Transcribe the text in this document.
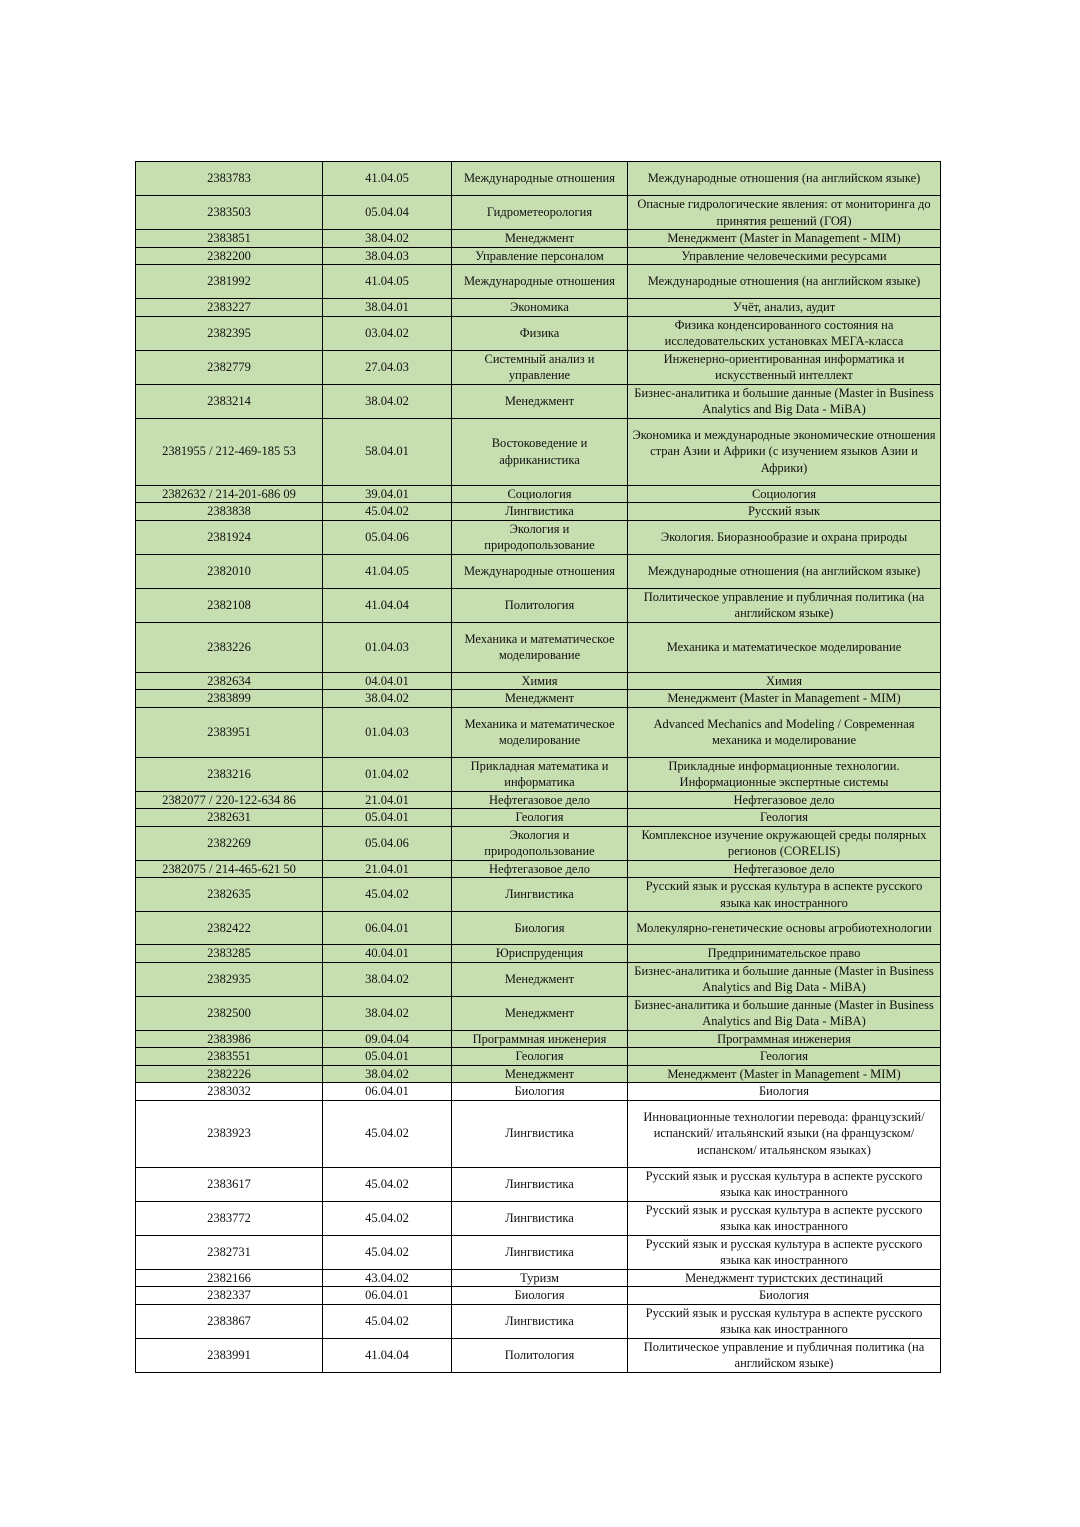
2383783	41.04.05	Международные отношения	Международные отношения (на английском языке)
2383503	05.04.04	Гидрометеорология	Опасные гидрологические явления: от мониторинга до принятия решений (ГОЯ)
2383851	38.04.02	Менеджмент	Менеджмент (Master in Management - MIM)
2382200	38.04.03	Управление персоналом	Управление человеческими ресурсами
2381992	41.04.05	Международные отношения	Международные отношения (на английском языке)
2383227	38.04.01	Экономика	Учёт, анализ, аудит
2382395	03.04.02	Физика	Физика конденсированного состояния на исследовательских установках МЕГА-класса
2382779	27.04.03	Системный анализ и управление	Инженерно-ориентированная информатика и искусственный интеллект
2383214	38.04.02	Менеджмент	Бизнес-аналитика и большие данные (Master in Business Analytics and Big Data - MiBA)
2381955 / 212-469-185 53	58.04.01	Востоковедение и африканистика	Экономика и международные экономические отношения стран Азии и Африки (с изучением языков Азии и Африки)
2382632 / 214-201-686 09	39.04.01	Социология	Социология
2383838	45.04.02	Лингвистика	Русский язык
2381924	05.04.06	Экология и природопользование	Экология. Биоразнообразие и охрана природы
2382010	41.04.05	Международные отношения	Международные отношения (на английском языке)
2382108	41.04.04	Политология	Политическое управление и публичная политика (на английском языке)
2383226	01.04.03	Механика и математическое моделирование	Механика и математическое моделирование
2382634	04.04.01	Химия	Химия
2383899	38.04.02	Менеджмент	Менеджмент (Master in Management - MIM)
2383951	01.04.03	Механика и математическое моделирование	Advanced Mechanics and Modeling / Современная механика и моделирование
2383216	01.04.02	Прикладная математика и информатика	Прикладные информационные технологии. Информационные экспертные системы
2382077 / 220-122-634 86	21.04.01	Нефтегазовое дело	Нефтегазовое дело
2382631	05.04.01	Геология	Геология
2382269	05.04.06	Экология и природопользование	Комплексное изучение окружающей среды полярных регионов (CORELIS)
2382075 / 214-465-621 50	21.04.01	Нефтегазовое дело	Нефтегазовое дело
2382635	45.04.02	Лингвистика	Русский язык и русская культура в аспекте русского языка как иностранного
2382422	06.04.01	Биология	Молекулярно-генетические основы агробиотехнологии
2383285	40.04.01	Юриспруденция	Предпринимательское право
2382935	38.04.02	Менеджмент	Бизнес-аналитика и большие данные (Master in Business Analytics and Big Data - MiBA)
2382500	38.04.02	Менеджмент	Бизнес-аналитика и большие данные (Master in Business Analytics and Big Data - MiBA)
2383986	09.04.04	Программная инженерия	Программная инженерия
2383551	05.04.01	Геология	Геология
2382226	38.04.02	Менеджмент	Менеджмент (Master in Management - MIM)
2383032	06.04.01	Биология	Биология
2383923	45.04.02	Лингвистика	Инновационные технологии перевода: французский/ испанский/ итальянский языки (на французском/ испанском/ итальянском языках)
2383617	45.04.02	Лингвистика	Русский язык и русская культура в аспекте русского языка как иностранного
2383772	45.04.02	Лингвистика	Русский язык и русская культура в аспекте русского языка как иностранного
2382731	45.04.02	Лингвистика	Русский язык и русская культура в аспекте русского языка как иностранного
2382166	43.04.02	Туризм	Менеджмент туристских дестинаций
2382337	06.04.01	Биология	Биология
2383867	45.04.02	Лингвистика	Русский язык и русская культура в аспекте русского языка как иностранного
2383991	41.04.04	Политология	Политическое управление и публичная политика (на английском языке)
